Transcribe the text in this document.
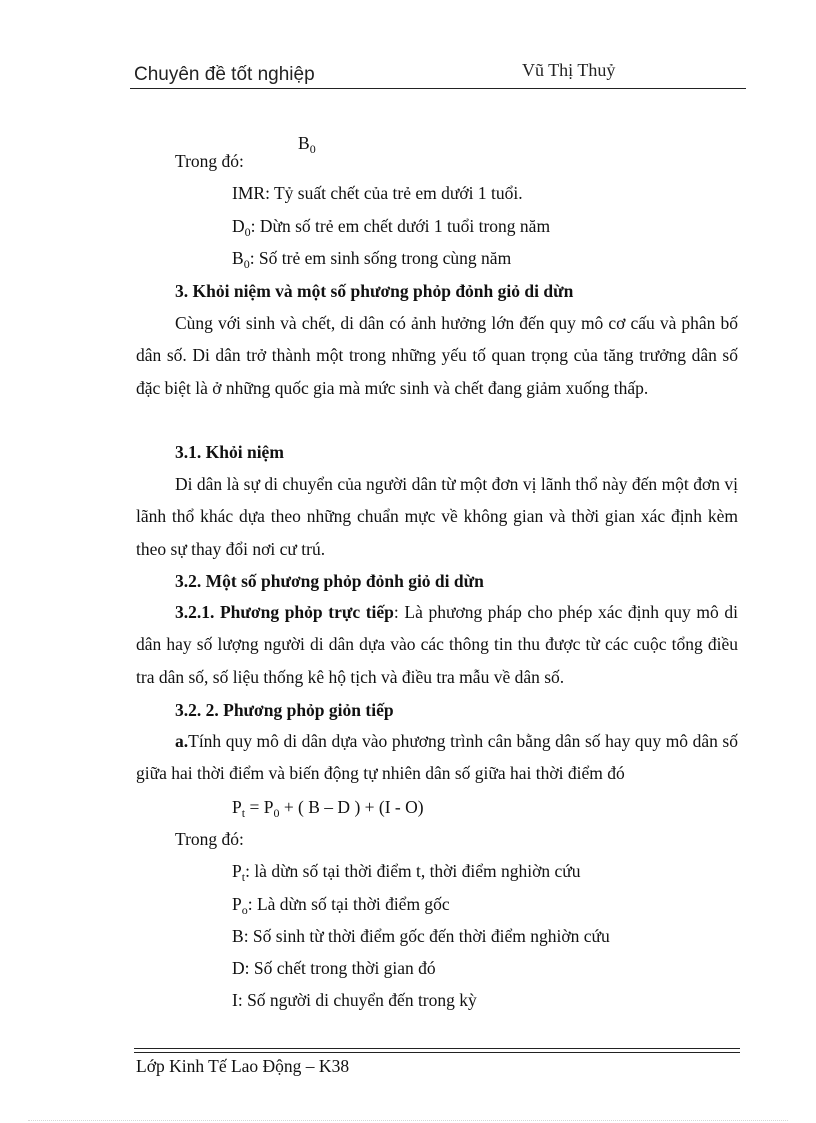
Chuyên đề tốt nghiệp	Vũ Thị Thuỷ
$B_0$
Trong đó:
IMR: Tỷ suất chết của trẻ em dưới 1 tuổi.
$D_0$: Dừn số trẻ em chết dưới 1 tuổi trong năm
$B_0$: Số trẻ em sinh sống trong cùng năm
3. Khỏi niệm và một số phương phỏp đỏnh giỏ di dừn
Cùng với sinh và chết, di dân có ảnh hưởng lớn đến quy mô cơ cấu và phân bố dân số. Di dân trở thành một trong những yếu tố quan trọng của tăng trưởng dân số đặc biệt là ở những quốc gia mà mức sinh và chết đang giảm xuống thấp.
3.1. Khỏi niệm
Di dân là sự di chuyển của người dân từ một đơn vị lãnh thổ này đến một đơn vị lãnh thổ khác dựa theo những chuẩn mực về không gian và thời gian xác định kèm theo sự thay đổi nơi cư trú.
3.2. Một số phương phỏp đỏnh giỏ di dừn
3.2.1. Phương phỏp trực tiếp: Là phương pháp cho phép xác định quy mô di dân hay số lượng người di dân dựa vào các thông tin thu được từ các cuộc tổng điều tra dân số, số liệu thống kê hộ tịch và điều tra mẫu về dân số.
3.2. 2. Phương phỏp giỏn tiếp
a.Tính quy mô di dân dựa vào phương trình cân bằng dân số hay quy mô dân số giữa hai thời điểm và biến động tự nhiên dân số giữa hai thời điểm đó
$P_t = P_0$ + ( B – D ) + (I - O)
Trong đó:
$P_t$: là dừn số tại thời điểm t, thời điểm nghiờn cứu
$P_o$: Là dừn số tại thời điểm gốc
B: Số sinh từ thời điểm gốc đến thời điểm nghiờn cứu
D: Số chết trong thời gian đó
I: Số người di chuyển đến trong kỳ
Lớp Kinh Tế Lao Động – K38
